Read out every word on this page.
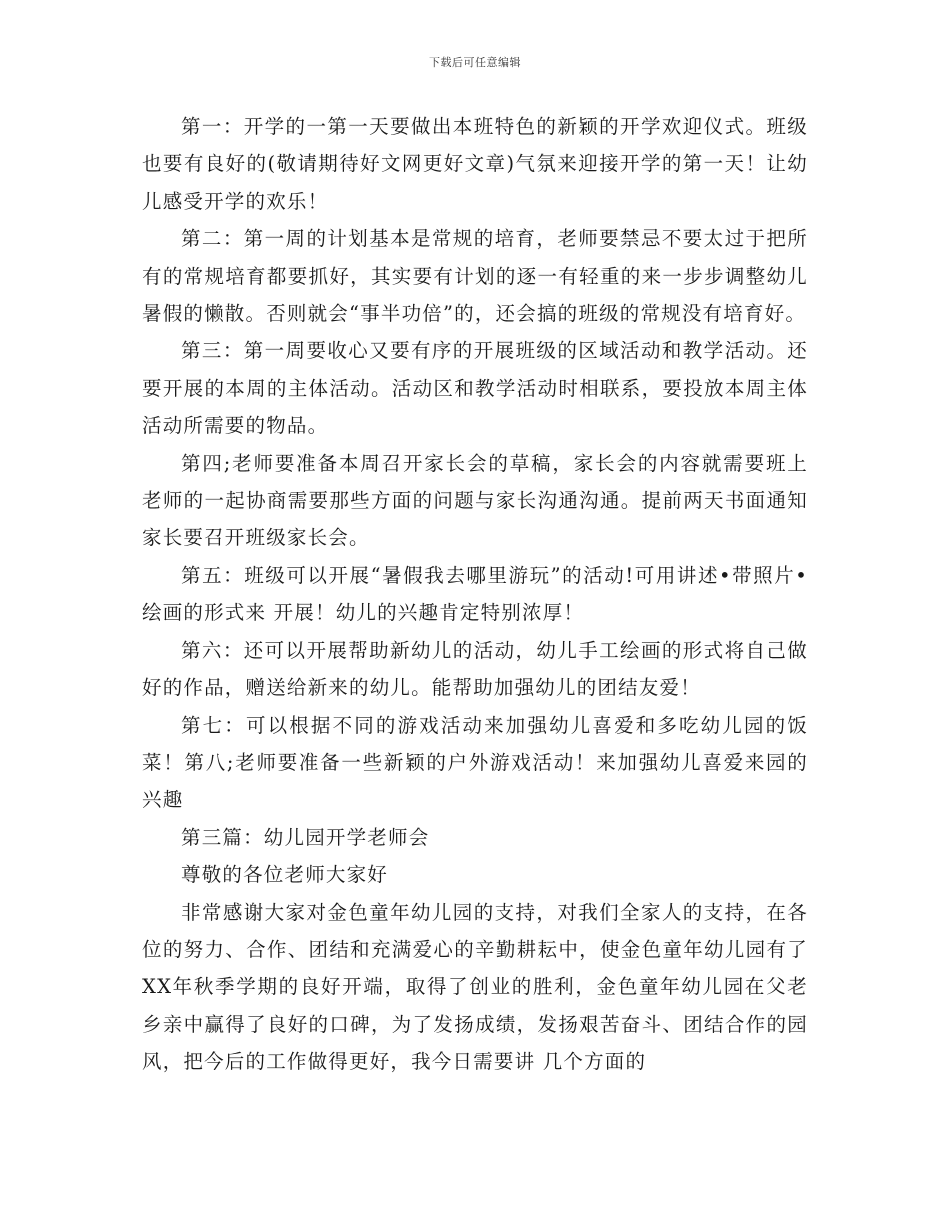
下载后可任意编辑

第一：开学的一第一天要做出本班特色的新颖的开学欢迎仪式。班级也要有良好的(敬请期待好文网更好文章)气氛来迎接开学的第一天！让幼儿感受开学的欢乐！

第二：第一周的计划基本是常规的培育，老师要禁忌不要太过于把所有的常规培育都要抓好，其实要有计划的逐一有轻重的来一步步调整幼儿暑假的懒散。否则就会“事半功倍”的，还会搞的班级的常规没有培育好。

第三：第一周要收心又要有序的开展班级的区域活动和教学活动。还要开展的本周的主体活动。活动区和教学活动时相联系，要投放本周主体活动所需要的物品。

第四;老师要准备本周召开家长会的草稿，家长会的内容就需要班上老师的一起协商需要那些方面的问题与家长沟通沟通。提前两天书面通知家长要召开班级家长会。

第五：班级可以开展“暑假我去哪里游玩”的活动!可用讲述•带照片•绘画的形式来 开展！幼儿的兴趣肯定特别浓厚！

第六：还可以开展帮助新幼儿的活动，幼儿手工绘画的形式将自己做好的作品，赠送给新来的幼儿。能帮助加强幼儿的团结友爱！

第七：可以根据不同的游戏活动来加强幼儿喜爱和多吃幼儿园的饭菜！第八;老师要准备一些新颖的户外游戏活动！来加强幼儿喜爱来园的兴趣

第三篇：幼儿园开学老师会

尊敬的各位老师大家好

非常感谢大家对金色童年幼儿园的支持，对我们全家人的支持，在各位的努力、合作、团结和充满爱心的辛勤耕耘中，使金色童年幼儿园有了XX年秋季学期的良好开端，取得了创业的胜利，金色童年幼儿园在父老乡亲中赢得了良好的口碑，为了发扬成绩，发扬艰苦奋斗、团结合作的园风，把今后的工作做得更好，我今日需要讲 几个方面的
